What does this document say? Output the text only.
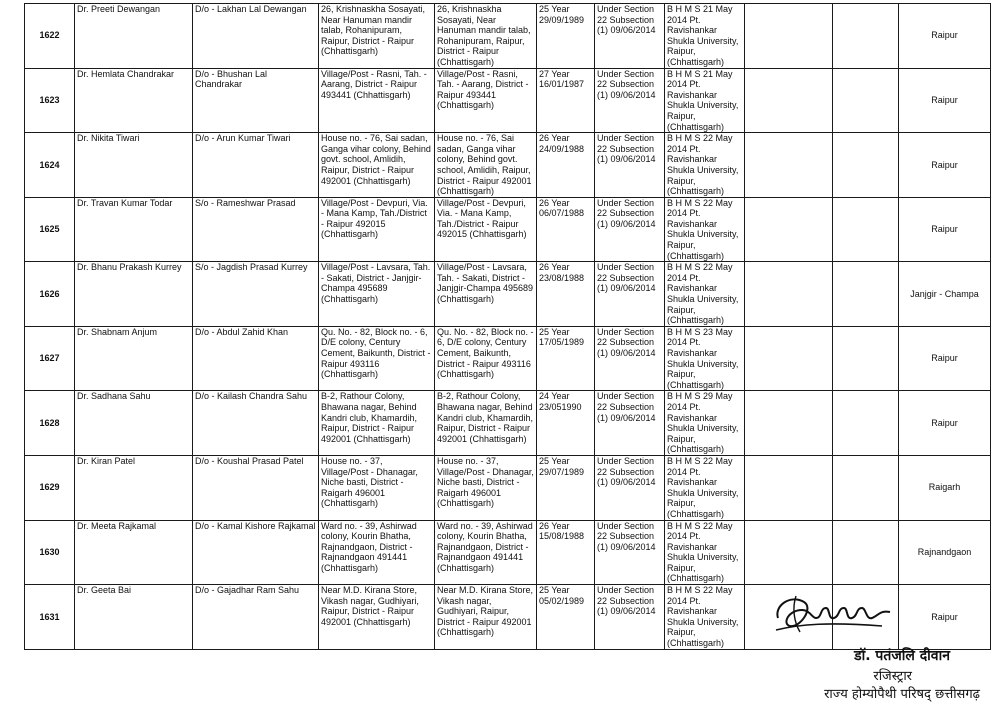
1622	Dr. Preeti Dewangan	D/o - Lakhan Lal Dewangan	26, Krishnaskha Sosayati, Near Hanuman mandir talab, Rohanipuram, Raipur, District - Raipur (Chhattisgarh)	26, Krishnaskha Sosayati, Near Hanuman mandir talab, Rohanipuram, Raipur, District - Raipur (Chhattisgarh)	25 Year 29/09/1989	Under Section 22 Subsection (1) 09/06/2014	B H M S 21 May 2014 Pt. Ravishankar Shukla University, Raipur, (Chhattisgarh)			Raipur
1623	Dr. Hemlata Chandrakar	D/o - Bhushan Lal Chandrakar	Village/Post - Rasni, Tah. - Aarang, District - Raipur 493441 (Chhattisgarh)	Village/Post - Rasni, Tah. - Aarang, District - Raipur 493441 (Chhattisgarh)	27 Year 16/01/1987	Under Section 22 Subsection (1) 09/06/2014	B H M S 21 May 2014 Pt. Ravishankar Shukla University, Raipur, (Chhattisgarh)			Raipur
1624	Dr. Nikita Tiwari	D/o - Arun Kumar Tiwari	House no. - 76, Sai sadan, Ganga vihar colony, Behind govt. school, Amlidih, Raipur, District - Raipur 492001 (Chhattisgarh)	House no. - 76, Sai sadan, Ganga vihar colony, Behind govt. school, Amlidih, Raipur, District - Raipur 492001 (Chhattisgarh)	26 Year 24/09/1988	Under Section 22 Subsection (1) 09/06/2014	B H M S 22 May 2014 Pt. Ravishankar Shukla University, Raipur, (Chhattisgarh)			Raipur
1625	Dr. Travan Kumar Todar	S/o - Rameshwar Prasad	Village/Post - Devpuri, Via. - Mana Kamp, Tah./District - Raipur 492015 (Chhattisgarh)	Village/Post - Devpuri, Via. - Mana Kamp, Tah./District - Raipur 492015 (Chhattisgarh)	26 Year 06/07/1988	Under Section 22 Subsection (1) 09/06/2014	B H M S 22 May 2014 Pt. Ravishankar Shukla University, Raipur, (Chhattisgarh)			Raipur
1626	Dr. Bhanu Prakash Kurrey	S/o - Jagdish Prasad Kurrey	Village/Post - Lavsara, Tah. - Sakati, District - Janjgir-Champa 495689 (Chhattisgarh)	Village/Post - Lavsara, Tah. - Sakati, District - Janjgir-Champa 495689 (Chhattisgarh)	26 Year 23/08/1988	Under Section 22 Subsection (1) 09/06/2014	B H M S 22 May 2014 Pt. Ravishankar Shukla University, Raipur, (Chhattisgarh)			Janjgir - Champa
1627	Dr. Shabnam Anjum	D/o - Abdul Zahid Khan	Qu. No. - 82, Block no. - 6, D/E colony, Century Cement, Baikunth, District - Raipur 493116 (Chhattisgarh)	Qu. No. - 82, Block no. - 6, D/E colony, Century Cement, Baikunth, District - Raipur 493116 (Chhattisgarh)	25 Year 17/05/1989	Under Section 22 Subsection (1) 09/06/2014	B H M S 23 May 2014 Pt. Ravishankar Shukla University, Raipur, (Chhattisgarh)			Raipur
1628	Dr. Sadhana Sahu	D/o - Kailash Chandra Sahu	B-2, Rathour Colony, Bhawana nagar, Behind Kandri club, Khamardih, Raipur, District - Raipur 492001 (Chhattisgarh)	B-2, Rathour Colony, Bhawana nagar, Behind Kandri club, Khamardih, Raipur, District - Raipur 492001 (Chhattisgarh)	24 Year 23/051990	Under Section 22 Subsection (1) 09/06/2014	B H M S 29 May 2014 Pt. Ravishankar Shukla University, Raipur, (Chhattisgarh)			Raipur
1629	Dr. Kiran Patel	D/o - Koushal Prasad Patel	House no. - 37, Village/Post - Dhanagar, Niche basti, District - Raigarh 496001 (Chhattisgarh)	House no. - 37, Village/Post - Dhanagar, Niche basti, District - Raigarh 496001 (Chhattisgarh)	25 Year 29/07/1989	Under Section 22 Subsection (1) 09/06/2014	B H M S 22 May 2014 Pt. Ravishankar Shukla University, Raipur, (Chhattisgarh)			Raigarh
1630	Dr. Meeta Rajkamal	D/o - Kamal Kishore Rajkamal	Ward no. - 39, Ashirwad colony, Kourin Bhatha, Rajnandgaon, District - Rajnandgaon 491441 (Chhattisgarh)	Ward no. - 39, Ashirwad colony, Kourin Bhatha, Rajnandgaon, District - Rajnandgaon 491441 (Chhattisgarh)	26 Year 15/08/1988	Under Section 22 Subsection (1) 09/06/2014	B H M S 22 May 2014 Pt. Ravishankar Shukla University, Raipur, (Chhattisgarh)			Rajnandgaon
1631	Dr. Geeta Bai	D/o - Gajadhar Ram Sahu	Near M.D. Kirana Store, Vikash nagar, Gudhiyari, Raipur, District - Raipur 492001 (Chhattisgarh)	Near M.D. Kirana Store, Vikash nagar, Gudhiyari, Raipur, District - Raipur 492001 (Chhattisgarh)	25 Year 05/02/1989	Under Section 22 Subsection (1) 09/06/2014	B H M S 22 May 2014 Pt. Ravishankar Shukla University, Raipur, (Chhattisgarh)			Raipur
डॉ. पतंजलि दीवान
रजिस्ट्रार
राज्य होम्योपैथी परिषद् छत्तीसगढ़
